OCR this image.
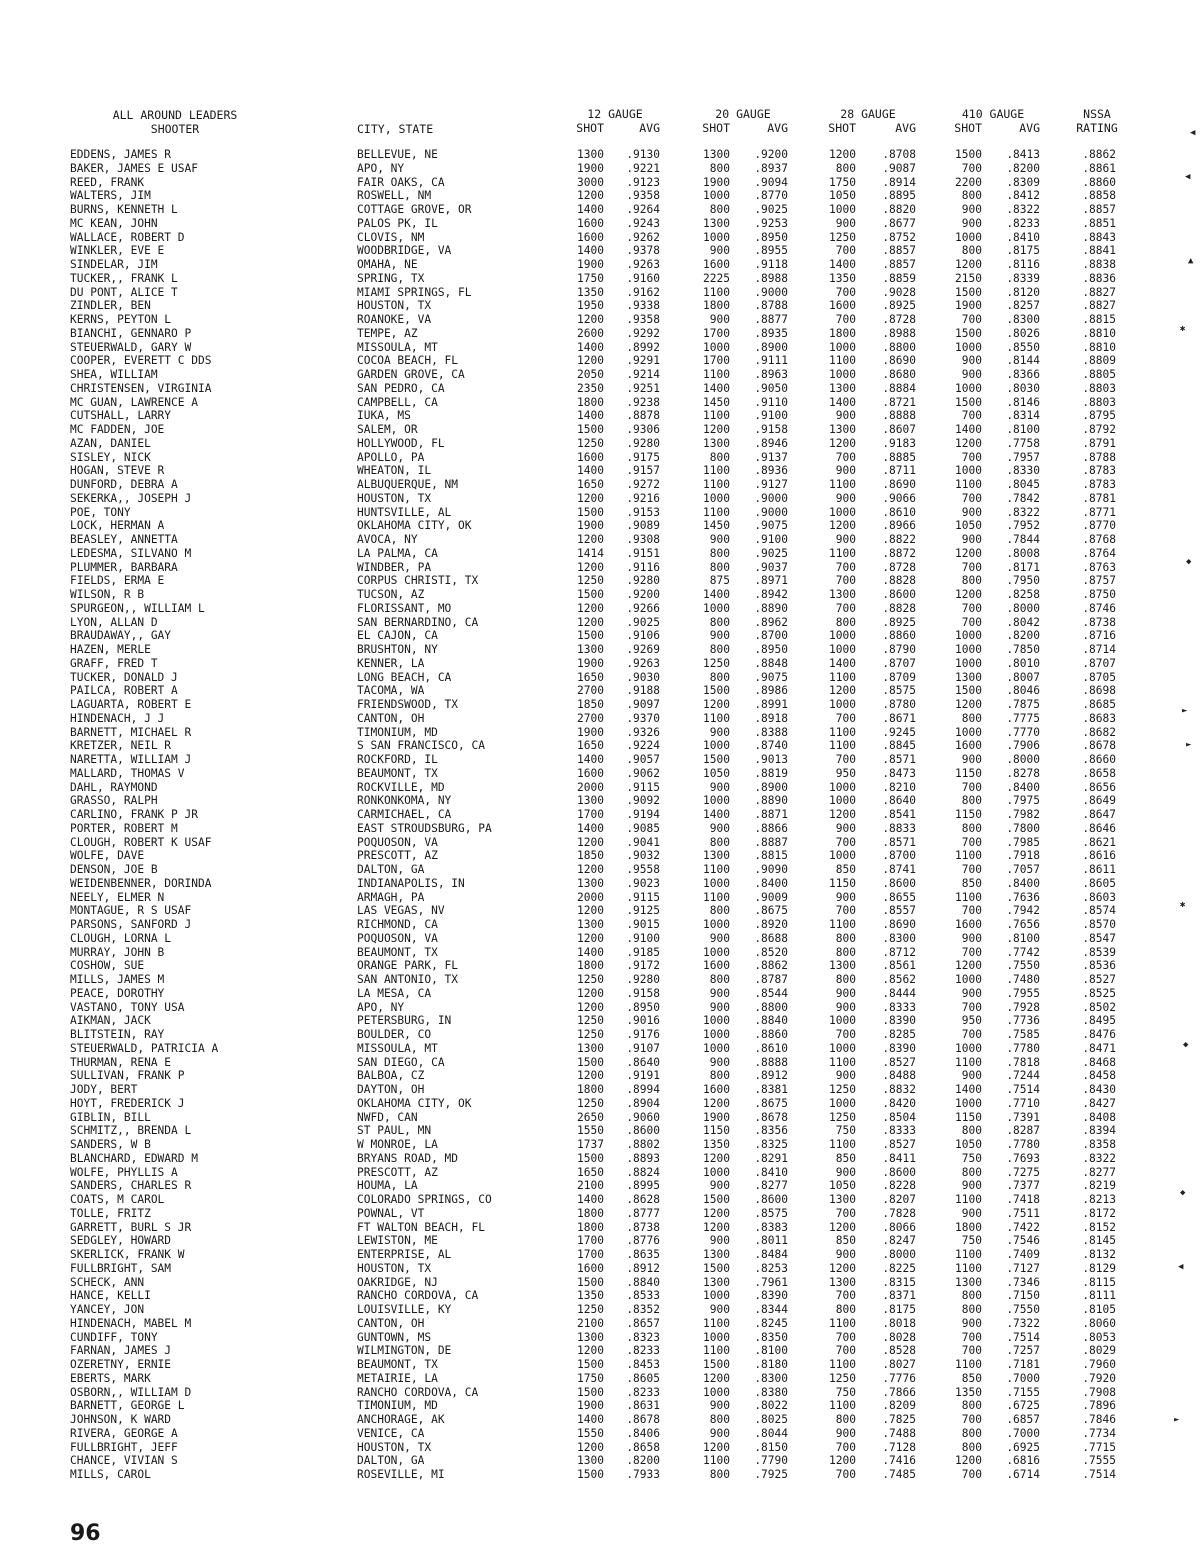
ALL AROUND LEADERS
SHOOTER	CITY, STATE
12 GAUGE
SHOT	AVG
20 GAUGE
SHOT	AVG
28 GAUGE
SHOT	AVG
410 GAUGE
SHOT	AVG
NSSA
RATING
EDDENS, JAMES R	BELLEVUE, NE	1300	.9130	1300	.9200	1200	.8708	1500	.8413	.8862
BAKER, JAMES E USAF	APO, NY	1900	.9221	800	.8937	800	.9087	700	.8200	.8861
REED, FRANK	FAIR OAKS, CA	3000	.9123	1900	.9094	1750	.8914	2200	.8309	.8860
WALTERS, JIM	ROSWELL, NM	1200	.9358	1000	.8770	1050	.8895	800	.8412	.8858
BURNS, KENNETH L	COTTAGE GROVE, OR	1400	.9264	800	.9025	1000	.8820	900	.8322	.8857
MC KEAN, JOHN	PALOS PK, IL	1600	.9243	1300	.9253	900	.8677	900	.8233	.8851
WALLACE, ROBERT D	CLOVIS, NM	1600	.9262	1000	.8950	1250	.8752	1000	.8410	.8843
WINKLER, EVE E	WOODBRIDGE, VA	1400	.9378	900	.8955	700	.8857	800	.8175	.8841
SINDELAR, JIM	OMAHA, NE	1900	.9263	1600	.9118	1400	.8857	1200	.8116	.8838
TUCKER,, FRANK L	SPRING, TX	1750	.9160	2225	.8988	1350	.8859	2150	.8339	.8836
DU PONT, ALICE T	MIAMI SPRINGS, FL	1350	.9162	1100	.9000	700	.9028	1500	.8120	.8827
ZINDLER, BEN	HOUSTON, TX	1950	.9338	1800	.8788	1600	.8925	1900	.8257	.8827
KERNS, PEYTON L	ROANOKE, VA	1200	.9358	900	.8877	700	.8728	700	.8300	.8815
BIANCHI, GENNARO P	TEMPE, AZ	2600	.9292	1700	.8935	1800	.8988	1500	.8026	.8810
STEUERWALD, GARY W	MISSOULA, MT	1400	.8992	1000	.8900	1000	.8800	1000	.8550	.8810
COOPER, EVERETT C DDS	COCOA BEACH, FL	1200	.9291	1700	.9111	1100	.8690	900	.8144	.8809
SHEA, WILLIAM	GARDEN GROVE, CA	2050	.9214	1100	.8963	1000	.8680	900	.8366	.8805
CHRISTENSEN, VIRGINIA	SAN PEDRO, CA	2350	.9251	1400	.9050	1300	.8884	1000	.8030	.8803
MC GUAN, LAWRENCE A	CAMPBELL, CA	1800	.9238	1450	.9110	1400	.8721	1500	.8146	.8803
CUTSHALL, LARRY	IUKA, MS	1400	.8878	1100	.9100	900	.8888	700	.8314	.8795
MC FADDEN, JOE	SALEM, OR	1500	.9306	1200	.9158	1300	.8607	1400	.8100	.8792
AZAN, DANIEL	HOLLYWOOD, FL	1250	.9280	1300	.8946	1200	.9183	1200	.7758	.8791
SISLEY, NICK	APOLLO, PA	1600	.9175	800	.9137	700	.8885	700	.7957	.8788
HOGAN, STEVE R	WHEATON, IL	1400	.9157	1100	.8936	900	.8711	1000	.8330	.8783
DUNFORD, DEBRA A	ALBUQUERQUE, NM	1650	.9272	1100	.9127	1100	.8690	1100	.8045	.8783
SEKERKA,, JOSEPH J	HOUSTON, TX	1200	.9216	1000	.9000	900	.9066	700	.7842	.8781
POE, TONY	HUNTSVILLE, AL	1500	.9153	1100	.9000	1000	.8610	900	.8322	.8771
LOCK, HERMAN A	OKLAHOMA CITY, OK	1900	.9089	1450	.9075	1200	.8966	1050	.7952	.8770
BEASLEY, ANNETTA	AVOCA, NY	1200	.9308	900	.9100	900	.8822	900	.7844	.8768
LEDESMA, SILVANO M	LA PALMA, CA	1414	.9151	800	.9025	1100	.8872	1200	.8008	.8764
PLUMMER, BARBARA	WINDBER, PA	1200	.9116	800	.9037	700	.8728	700	.8171	.8763
FIELDS, ERMA E	CORPUS CHRISTI, TX	1250	.9280	875	.8971	700	.8828	800	.7950	.8757
WILSON, R B	TUCSON, AZ	1500	.9200	1400	.8942	1300	.8600	1200	.8258	.8750
SPURGEON,, WILLIAM L	FLORISSANT, MO	1200	.9266	1000	.8890	700	.8828	700	.8000	.8746
LYON, ALLAN D	SAN BERNARDINO, CA	1200	.9025	800	.8962	800	.8925	700	.8042	.8738
BRAUDAWAY,, GAY	EL CAJON, CA	1500	.9106	900	.8700	1000	.8860	1000	.8200	.8716
HAZEN, MERLE	BRUSHTON, NY	1300	.9269	800	.8950	1000	.8790	1000	.7850	.8714
GRAFF, FRED T	KENNER, LA	1900	.9263	1250	.8848	1400	.8707	1000	.8010	.8707
TUCKER, DONALD J	LONG BEACH, CA	1650	.9030	800	.9075	1100	.8709	1300	.8007	.8705
PAILCA, ROBERT A	TACOMA, WA	2700	.9188	1500	.8986	1200	.8575	1500	.8046	.8698
LAGUARTA, ROBERT E	FRIENDSWOOD, TX	1850	.9097	1200	.8991	1000	.8780	1200	.7875	.8685
HINDENACH, J J	CANTON, OH	2700	.9370	1100	.8918	700	.8671	800	.7775	.8683
BARNETT, MICHAEL R	TIMONIUM, MD	1900	.9326	900	.8388	1100	.9245	1000	.7770	.8682
KRETZER, NEIL R	S SAN FRANCISCO, CA	1650	.9224	1000	.8740	1100	.8845	1600	.7906	.8678
NARETTA, WILLIAM J	ROCKFORD, IL	1400	.9057	1500	.9013	700	.8571	900	.8000	.8660
MALLARD, THOMAS V	BEAUMONT, TX	1600	.9062	1050	.8819	950	.8473	1150	.8278	.8658
DAHL, RAYMOND	ROCKVILLE, MD	2000	.9115	900	.8900	1000	.8210	700	.8400	.8656
GRASSO, RALPH	RONKONKOMA, NY	1300	.9092	1000	.8890	1000	.8640	800	.7975	.8649
CARLINO, FRANK P JR	CARMICHAEL, CA	1700	.9194	1400	.8871	1200	.8541	1150	.7982	.8647
PORTER, ROBERT M	EAST STROUDSBURG, PA	1400	.9085	900	.8866	900	.8833	800	.7800	.8646
CLOUGH, ROBERT K USAF	POQUOSON, VA	1200	.9041	800	.8887	700	.8571	700	.7985	.8621
WOLFE, DAVE	PRESCOTT, AZ	1850	.9032	1300	.8815	1000	.8700	1100	.7918	.8616
DENSON, JOE B	DALTON, GA	1200	.9558	1100	.9090	850	.8741	700	.7057	.8611
WEIDENBENNER, DORINDA	INDIANAPOLIS, IN	1300	.9023	1000	.8400	1150	.8600	850	.8400	.8605
NEELY, ELMER N	ARMAGH, PA	2000	.9115	1100	.9009	900	.8655	1100	.7636	.8603
MONTAGUE, R S USAF	LAS VEGAS, NV	1200	.9125	800	.8675	700	.8557	700	.7942	.8574
PARSONS, SANFORD J	RICHMOND, CA	1300	.9015	1000	.8920	1100	.8690	1600	.7656	.8570
CLOUGH, LORNA L	POQUOSON, VA	1200	.9100	900	.8688	800	.8300	900	.8100	.8547
MURRAY, JOHN B	BEAUMONT, TX	1400	.9185	1000	.8520	800	.8712	700	.7742	.8539
COSHOW, SUE	ORANGE PARK, FL	1800	.9172	1600	.8862	1300	.8561	1200	.7550	.8536
MILLS, JAMES M	SAN ANTONIO, TX	1250	.9280	800	.8787	800	.8562	1000	.7480	.8527
PEACE, DOROTHY	LA MESA, CA	1200	.9158	900	.8544	900	.8444	900	.7955	.8525
VASTANO, TONY USA	APO, NY	1200	.8950	900	.8800	900	.8333	700	.7928	.8502
AIKMAN, JACK	PETERSBURG, IN	1250	.9016	1000	.8840	1000	.8390	950	.7736	.8495
BLITSTEIN, RAY	BOULDER, CO	1250	.9176	1000	.8860	700	.8285	700	.7585	.8476
STEUERWALD, PATRICIA A	MISSOULA, MT	1300	.9107	1000	.8610	1000	.8390	1000	.7780	.8471
THURMAN, RENA E	SAN DIEGO, CA	1500	.8640	900	.8888	1100	.8527	1100	.7818	.8468
SULLIVAN, FRANK P	BALBOA, CZ	1200	.9191	800	.8912	900	.8488	900	.7244	.8458
JODY, BERT	DAYTON, OH	1800	.8994	1600	.8381	1250	.8832	1400	.7514	.8430
HOYT, FREDERICK J	OKLAHOMA CITY, OK	1250	.8904	1200	.8675	1000	.8420	1000	.7710	.8427
GIBLIN, BILL	NWFD, CAN	2650	.9060	1900	.8678	1250	.8504	1150	.7391	.8408
SCHMITZ,, BRENDA L	ST PAUL, MN	1550	.8600	1150	.8356	750	.8333	800	.8287	.8394
SANDERS, W B	W MONROE, LA	1737	.8802	1350	.8325	1100	.8527	1050	.7780	.8358
BLANCHARD, EDWARD M	BRYANS ROAD, MD	1500	.8893	1200	.8291	850	.8411	750	.7693	.8322
WOLFE, PHYLLIS A	PRESCOTT, AZ	1650	.8824	1000	.8410	900	.8600	800	.7275	.8277
SANDERS, CHARLES R	HOUMA, LA	2100	.8995	900	.8277	1050	.8228	900	.7377	.8219
COATS, M CAROL	COLORADO SPRINGS, CO	1400	.8628	1500	.8600	1300	.8207	1100	.7418	.8213
TOLLE, FRITZ	POWNAL, VT	1800	.8777	1200	.8575	700	.7828	900	.7511	.8172
GARRETT, BURL S JR	FT WALTON BEACH, FL	1800	.8738	1200	.8383	1200	.8066	1800	.7422	.8152
SEDGLEY, HOWARD	LEWISTON, ME	1700	.8776	900	.8011	850	.8247	750	.7546	.8145
SKERLICK, FRANK W	ENTERPRISE, AL	1700	.8635	1300	.8484	900	.8000	1100	.7409	.8132
FULLBRIGHT, SAM	HOUSTON, TX	1600	.8912	1500	.8253	1200	.8225	1100	.7127	.8129
SCHECK, ANN	OAKRIDGE, NJ	1500	.8840	1300	.7961	1300	.8315	1300	.7346	.8115
HANCE, KELLI	RANCHO CORDOVA, CA	1350	.8533	1000	.8390	700	.8371	800	.7150	.8111
YANCEY, JON	LOUISVILLE, KY	1250	.8352	900	.8344	800	.8175	800	.7550	.8105
HINDENACH, MABEL M	CANTON, OH	2100	.8657	1100	.8245	1100	.8018	900	.7322	.8060
CUNDIFF, TONY	GUNTOWN, MS	1300	.8323	1000	.8350	700	.8028	700	.7514	.8053
FARNAN, JAMES J	WILMINGTON, DE	1200	.8233	1100	.8100	700	.8528	700	.7257	.8029
OZERETNY, ERNIE	BEAUMONT, TX	1500	.8453	1500	.8180	1100	.8027	1100	.7181	.7960
EBERTS, MARK	METAIRIE, LA	1750	.8605	1200	.8300	1250	.7776	850	.7000	.7920
OSBORN,, WILLIAM D	RANCHO CORDOVA, CA	1500	.8233	1000	.8380	750	.7866	1350	.7155	.7908
BARNETT, GEORGE L	TIMONIUM, MD	1900	.8631	900	.8022	1100	.8209	800	.6725	.7896
JOHNSON, K WARD	ANCHORAGE, AK	1400	.8678	800	.8025	800	.7825	700	.6857	.7846
RIVERA, GEORGE A	VENICE, CA	1550	.8406	900	.8044	900	.7488	800	.7000	.7734
FULLBRIGHT, JEFF	HOUSTON, TX	1200	.8658	1200	.8150	700	.7128	800	.6925	.7715
CHANCE, VIVIAN S	DALTON, GA	1300	.8200	1100	.7790	1200	.7416	1200	.6816	.7555
MILLS, CAROL	ROSEVILLE, MI	1500	.7933	800	.7925	700	.7485	700	.6714	.7514
96
◀
◀
▲
✱
◆
►
►
✱
◆
◆
◀
►
